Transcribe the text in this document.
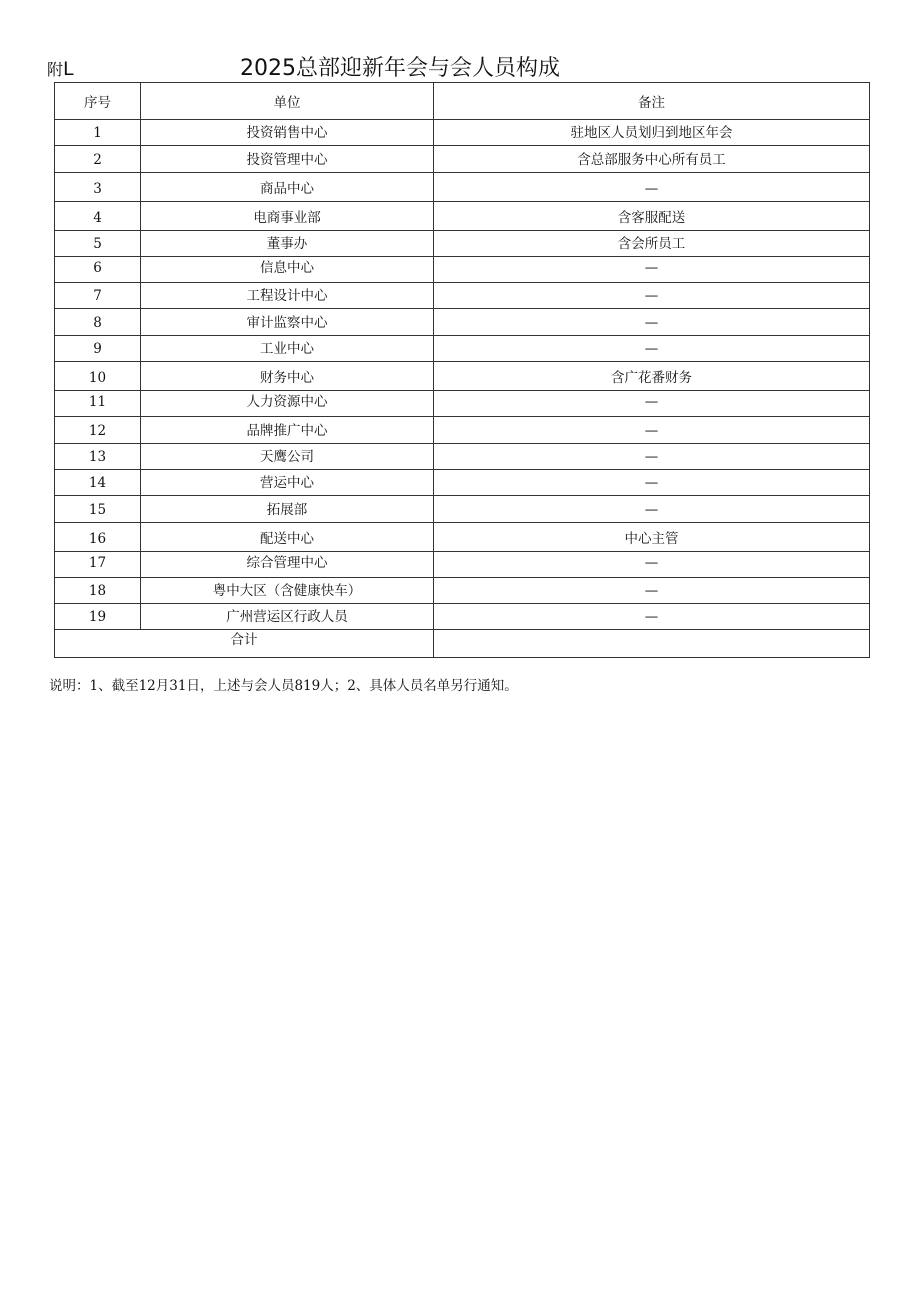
附L	2025总部迎新年会与会人员构成
序号	单位	备注
1	投资销售中心	驻地区人员划归到地区年会
2	投资管理中心	含总部服务中心所有员工
3	商品中心	—
4	电商事业部	含客服配送
5	董事办	含会所员工
6	信息中心	—
7	工程设计中心	—
8	审计监察中心	—
9	工业中心	—
10	财务中心	含广花番财务
11	人力资源中心	—
12	品牌推广中心	—
13	天鹰公司	—
14	营运中心	—
15	拓展部	—
16	配送中心	中心主管
17	综合管理中心	—
18	粤中大区（含健康快车）	—
19	广州营运区行政人员	—
合计		
说明：1、截至12月31日，上述与会人员819人；2、具体人员名单另行通知。
